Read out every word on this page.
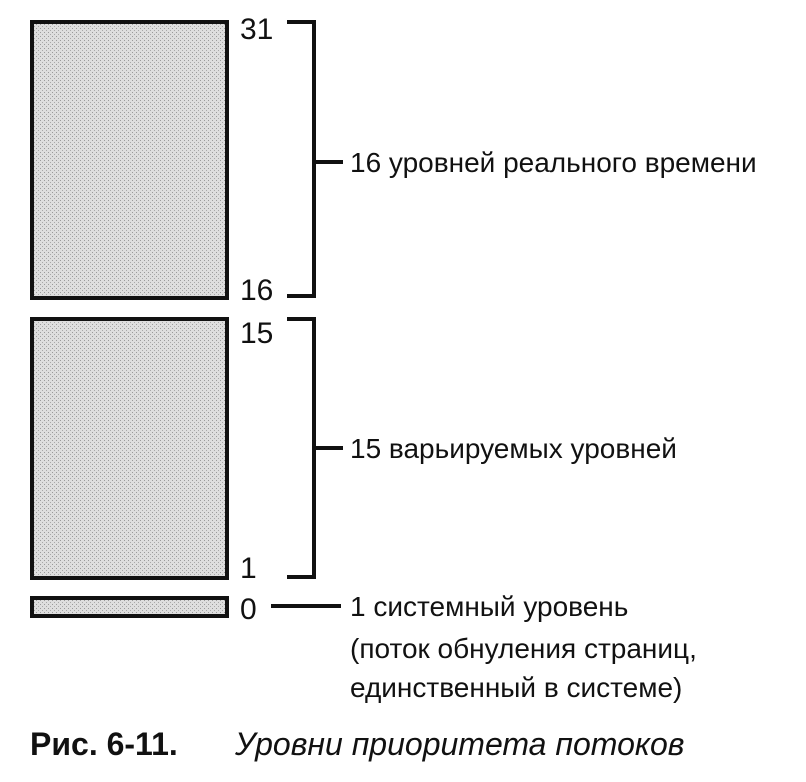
31
16
15
1
0
16 уровней реального времени
15 варьируемых уровней
1 системный уровень
(поток обнуления страниц,
единственный в системе)
Рис. 6-11. Уровни приоритета потоков
